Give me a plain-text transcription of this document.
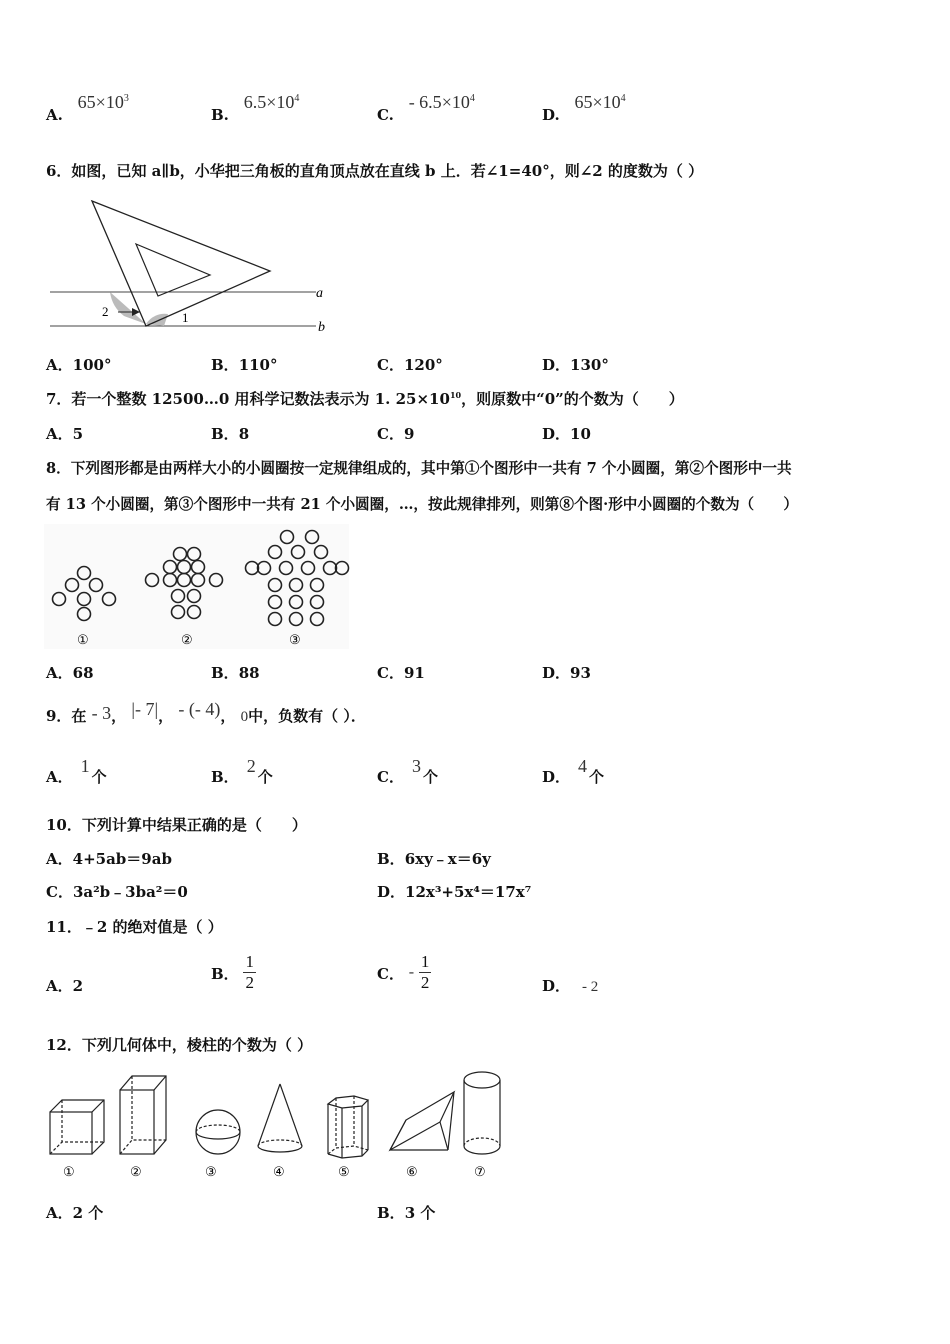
A. $65\times 10^3$
B. $6.5\times 10^4$
C. - $6.5\times 10^4$
D. $65\times 10^4$
6．如图，已知 a∥b，小华把三角板的直角顶点放在直线 b 上．若∠1=40°，则∠2 的度数为（ ）
a
b
2	1
A．100°	B．110°	C．120°	D．130°
7．若一个整数 12500…0 用科学记数法表示为 1. $25\times 10^{10}$，则原数中“0”的个数为（　　）
A．5	B．8	C．9	D．10
8．下列图形都是由两样大小的小圆圈按一定规律组成的，其中第①个图形中一共有 7 个小圆圈，第②个图形中一共
有 13 个小圆圈，第③个图形中一共有 21 个小圆圈，…，按此规律排列，则第⑧个图·形中小圆圈的个数为（　　）
①	②	③
A．68	B．88	C．91	D．93
9．在 - 3， |- 7|， - (- 4)， 0中，负数有（ ）．
A．1个	B．2个	C．3个	D．4个
10．下列计算中结果正确的是（　　）
A．4+5ab＝9ab	B．6xy﹣x＝6y
C．3a²b﹣3ba²＝0	D．12x³+5x⁴＝17x⁷
11．﹣2 的绝对值是（ ）
A．2
B． $\frac{1}{2}$	C． - $\frac{1}{2}$	D． - 2
12．下列几何体中，棱柱的个数为（ ）
①	②	③	④	⑤	⑥	⑦
A．2 个	B．3 个
